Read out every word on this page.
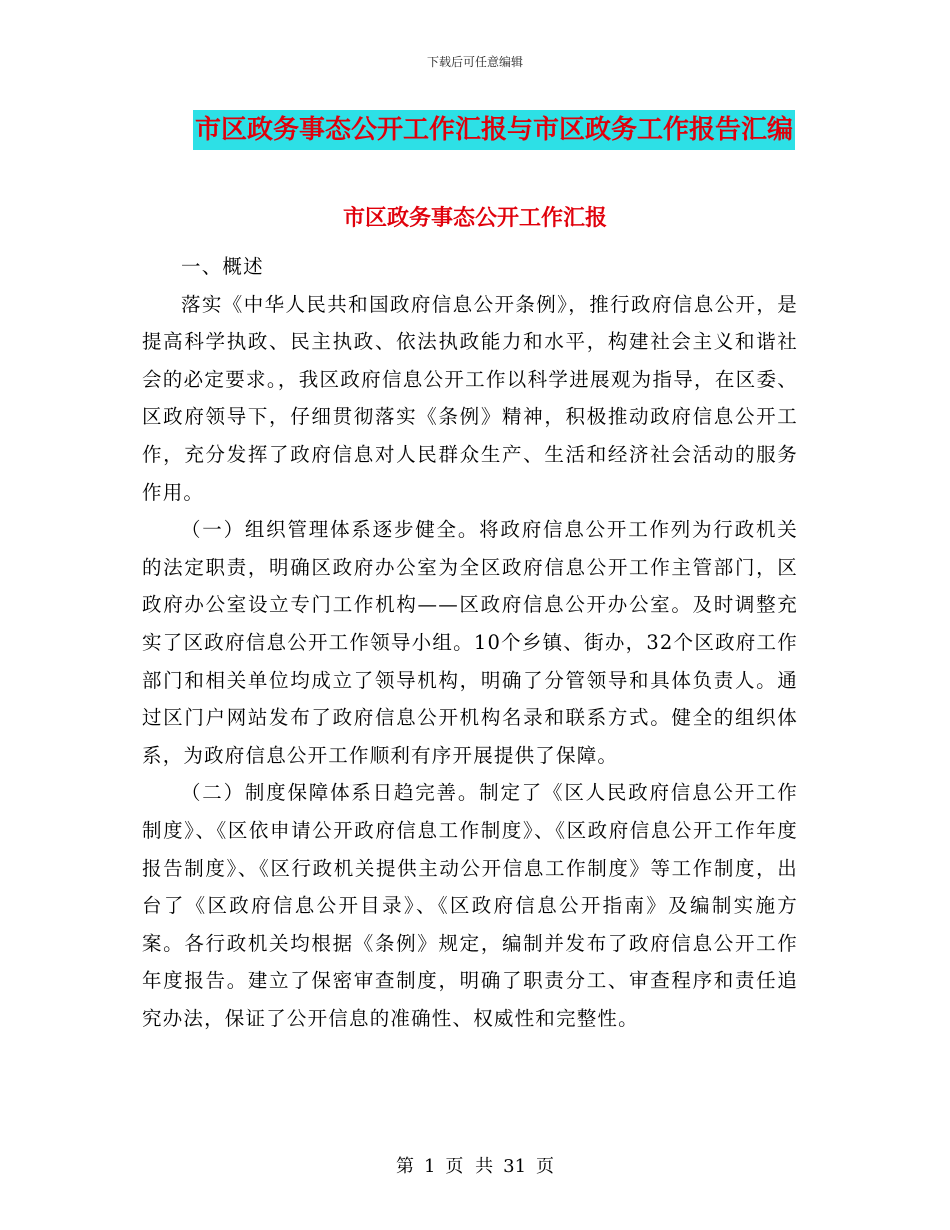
下载后可任意编辑
市区政务事态公开工作汇报与市区政务工作报告汇编
市区政务事态公开工作汇报

一、概述

落实《中华人民共和国政府信息公开条例》，推行政府信息公开，是提高科学执政、民主执政、依法执政能力和水平，构建社会主义和谐社会的必定要求。，我区政府信息公开工作以科学进展观为指导，在区委、区政府领导下，仔细贯彻落实《条例》精神，积极推动政府信息公开工作，充分发挥了政府信息对人民群众生产、生活和经济社会活动的服务作用。

（一）组织管理体系逐步健全。将政府信息公开工作列为行政机关的法定职责，明确区政府办公室为全区政府信息公开工作主管部门，区政府办公室设立专门工作机构——区政府信息公开办公室。及时调整充实了区政府信息公开工作领导小组。10个乡镇、街办，32个区政府工作部门和相关单位均成立了领导机构，明确了分管领导和具体负责人。通过区门户网站发布了政府信息公开机构名录和联系方式。健全的组织体系，为政府信息公开工作顺利有序开展提供了保障。

（二）制度保障体系日趋完善。制定了《区人民政府信息公开工作制度》、《区依申请公开政府信息工作制度》、《区政府信息公开工作年度报告制度》、《区行政机关提供主动公开信息工作制度》等工作制度，出台了《区政府信息公开目录》、《区政府信息公开指南》及编制实施方案。各行政机关均根据《条例》规定，编制并发布了政府信息公开工作年度报告。建立了保密审查制度，明确了职责分工、审查程序和责任追究办法，保证了公开信息的准确性、权威性和完整性。

第 1 页 共 31 页
